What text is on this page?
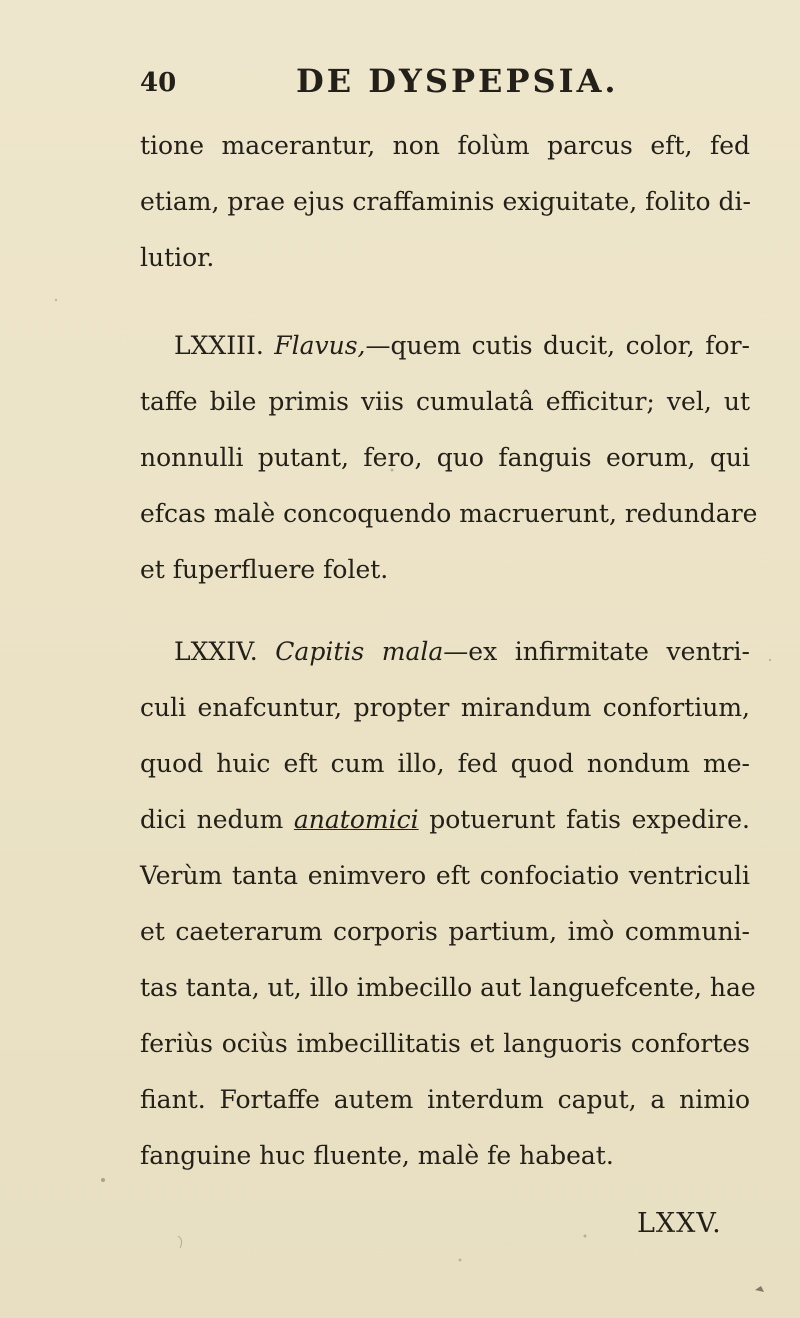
40	DE DYSPEPSIA.
tione macerantur, non folùm parcus eft, fed
etiam, prae ejus craffaminis exiguitate, folito di-
lutior.
LXXIII. Flavus,—quem cutis ducit, color, for-
taffe bile primis viis cumulatâ efficitur; vel, ut
nonnulli putant, fero, quo fanguis eorum, qui
efcas malè concoquendo macruerunt, redundare
et fuperfluere folet.
LXXIV. Capitis mala—ex infirmitate ventri-
culi enafcuntur, propter mirandum confortium,
quod huic eft cum illo, fed quod nondum me-
dici nedum anatomici potuerunt fatis expedire.
Verùm tanta enimvero eft confociatio ventriculi
et caeterarum corporis partium, imò communi-
tas tanta, ut, illo imbecillo aut languefcente, hae
feriùs ociùs imbecillitatis et languoris confortes
fiant. Fortaffe autem interdum caput, a nimio
fanguine huc fluente, malè fe habeat.
LXXV.
